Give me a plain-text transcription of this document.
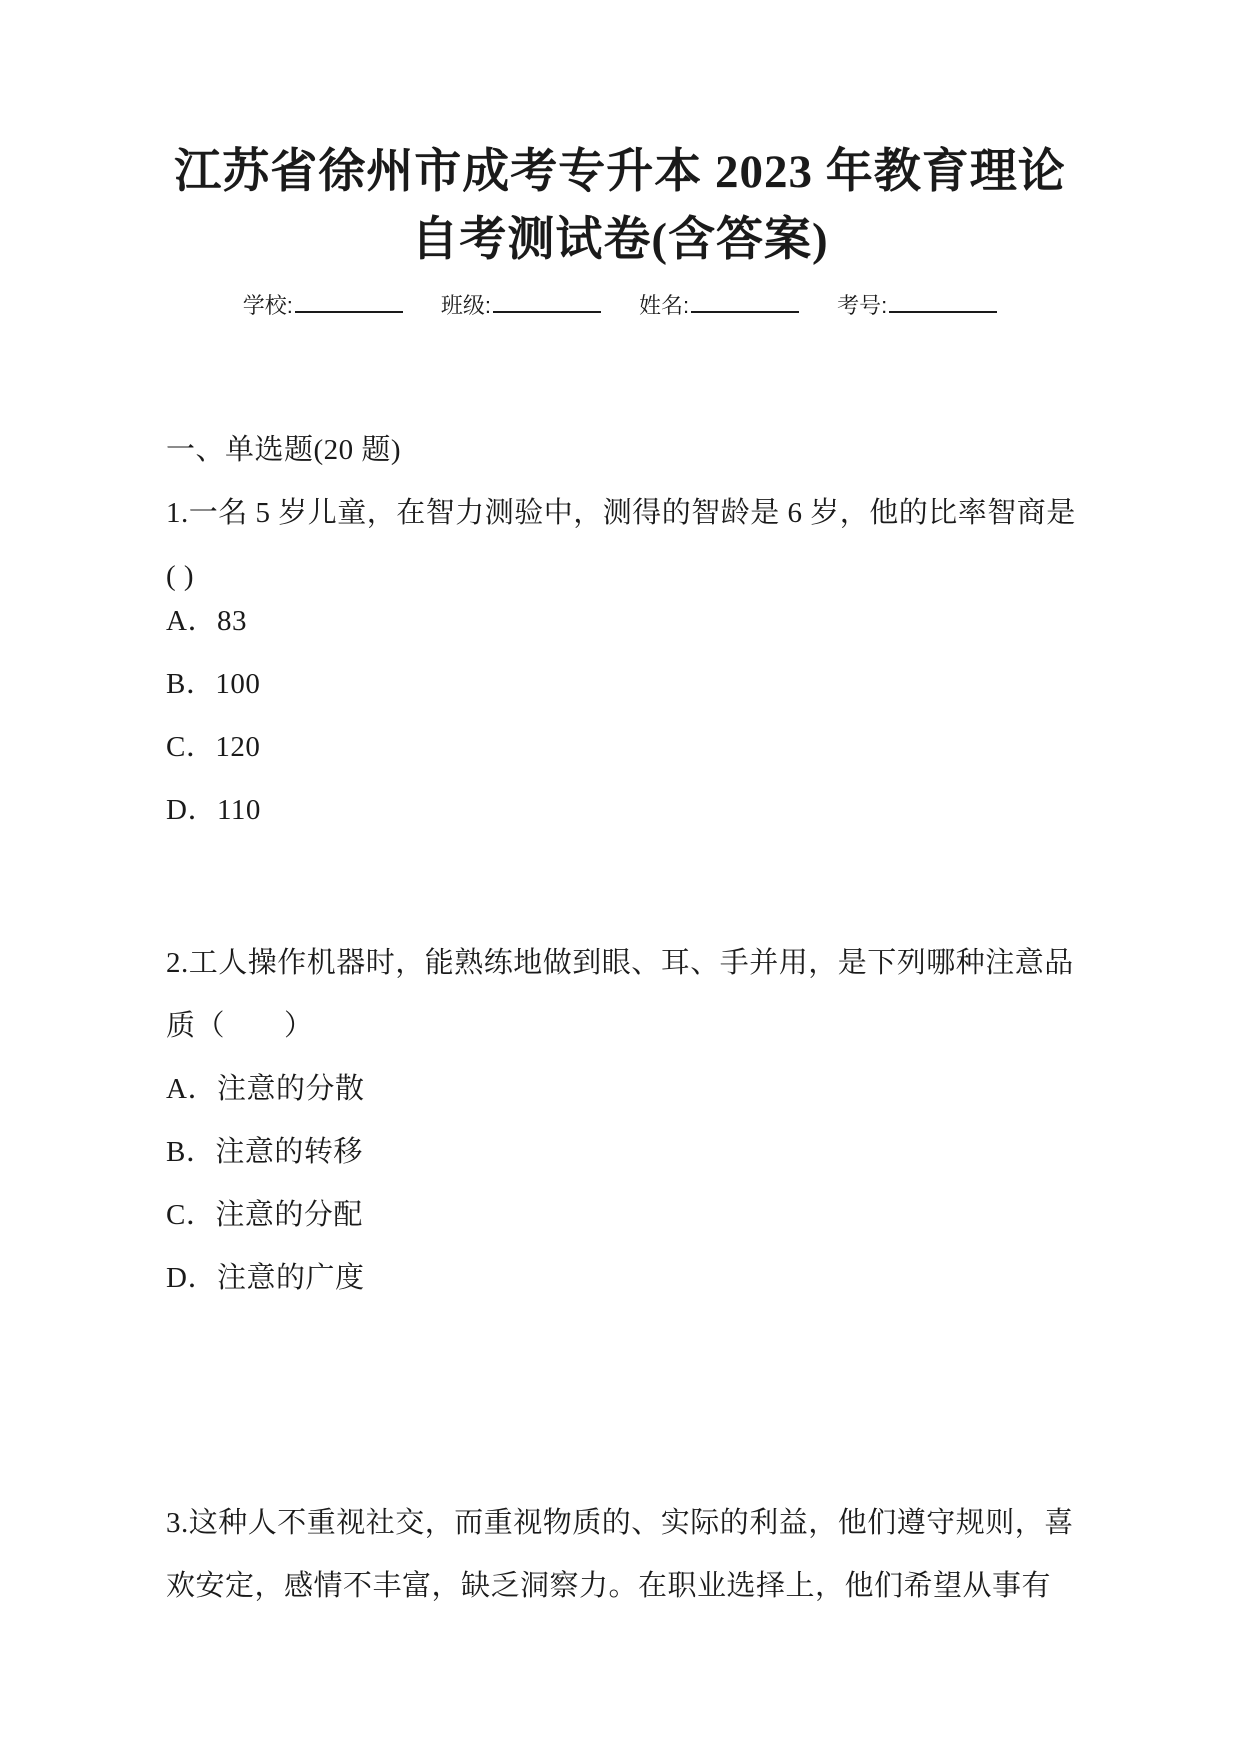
江苏省徐州市成考专升本 2023 年教育理论
自考测试卷(含答案)
学校:	班级:	姓名:	考号:
一、单选题(20 题)
1.一名 5 岁儿童，在智力测验中，测得的智龄是 6 岁，他的比率智商是
( )
A．83
B．100
C．120
D．110
2.工人操作机器时，能熟练地做到眼、耳、手并用，是下列哪种注意品
质（　　）
A．注意的分散
B．注意的转移
C．注意的分配
D．注意的广度
3.这种人不重视社交，而重视物质的、实际的利益，他们遵守规则，喜
欢安定，感情不丰富，缺乏洞察力。在职业选择上，他们希望从事有
